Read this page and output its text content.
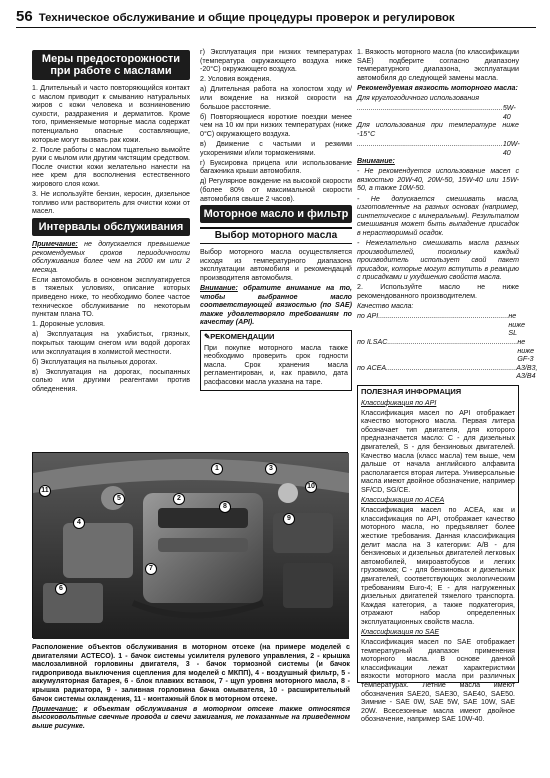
56 Техническое обслуживание и общие процедуры проверок и регулировок
Меры предосторожности при работе с маслами

1. Длительный и часто повторяющийся контакт с маслом приводит к смыванию натуральных жиров с кожи человека и возникновению сухости, раздражения и дерматитов. Кроме того, применяемые моторные масла содержат потенциально опасные составляющие, которые могут вызвать рак кожи.

2. После работы с маслом тщательно вымойте руки с мылом или другим чистящим средством. После очистки кожи желательно нанести на нее крем для восполнения естественного жирового слоя кожи.

3. Не используйте бензин, керосин, дизельное топливо или растворитель для очистки кожи от масел.

Интервалы обслуживания

Примечание: не допускается превышение рекомендуемых сроков периодичности обслуживания более чем на 2000 км или 2 месяца.

Если автомобиль в основном эксплуатируется в тяжелых условиях, описание которых приведено ниже, то необходимо более частое техническое обслуживание по некоторым пунктам плана ТО.

1. Дорожные условия.

а) Эксплуатация на ухабистых, грязных, покрытых тающим снегом или водой дорогах или эксплуатация в холмистой местности.

б) Эксплуатация на пыльных дорогах.

в) Эксплуатация на дорогах, посыпанных солью или другими реагентами против обледенения.

г) Эксплуатация при низких температурах (температура окружающего воздуха ниже -20°С) окружающего воздуха.

2. Условия вождения.

а) Длительная работа на холостом ходу и/или вождение на низкой скорости на большое расстояние.

б) Повторяющиеся короткие поездки менее чем на 10 км при низких температурах (ниже 0°С) окружающего воздуха.

в) Движение с частыми и резкими ускорениями и/или торможениями.

г) Буксировка прицепа или использование багажника крыши автомобиля.

д) Регулярное вождение на высокой скорости (более 80% от максимальной скорости автомобиля свыше 2 часов).

Моторное масло и фильтр
Выбор моторного масла

Выбор моторного масла осуществляется исходя из температурного диапазона эксплуатации автомобиля и рекомендаций производителя автомобиля.

Внимание: обратите внимание на то, чтобы выбранное масло соответствующей вязкостью (по SAE) также удовлетворяло требованиям по качеству (API).

✎РЕКОМЕНДАЦИИ

При покупке моторного масла также необходимо проверить срок годности масла. Срок хранения масла регламентирован, и, как правило, дата расфасовки масла указана на таре.

1. Вязкость моторного масла (по классификации SAE) подберите согласно диапазону температурного диапазона, эксплуатации автомобиля до следующей замены масла.

Рекомендуемая вязкость моторного масла:

Для круглогодичного использования

.......................................................................... 5W-40

Для использования при температуре ниже -15°С

.......................................................................... 10W-40

Внимание:

- Не рекомендуется использование масел с вязкостью 20W-40, 20W-50, 15W-40 или 15W-50, а также 10W-50.

- Не допускается смешивать масла, изготовленные на разных основах (например, синтетическое с минеральным). Результатом смешивания может быть выпадение присадок в нерастворимый осадок.

- Нежелательно смешивать масла разных производителей, поскольку каждый производитель использует свой пакет присадок, которые могут вступить в реакцию с присадками и ухудшению свойств масла.

2. Используйте масло не ниже рекомендованного производителем.

Качество масла:

по API.................................................................. не ниже SL
по ILSAC.................................................................. не ниже GF-3
по ACEA.................................................................. A3/B3, A3/B4
ПОЛЕЗНАЯ ИНФОРМАЦИЯ

Классификация по API

Классификация масел по API отображает качество моторного масла. Первая литера обозначает тип двигателя, для которого предназначается масло: С - для дизельных двигателей, S - для бензиновых двигателей. Качество масла (класс масла) тем выше, чем дальше от начала английского алфавита располагается вторая литера. Универсальные масла имеют двойное обозначение, например SF/CD, SG/CE.

Классификация по ACEA

Классификация масел по ACEA, как и классификация по API, отображает качество моторного масла, но предъявляет более жесткие требования. Данная классификация делит масла на 3 категории: А/В - для бензиновых и дизельных двигателей легковых автомобилей, микроавтобусов и легких грузовиков; С - для бензиновых и дизельных двигателей, соответствующих экологическим требованиям Euro-4; Е - для нагруженных дизельных двигателей тяжелого транспорта. Каждая категория, а также подкатегория, отражают набор определенных эксплуатационных свойств масла.

Классификация по SAE

Классификация масел по SAE отображает температурный диапазон применения моторного масла. В основе данной классификации лежат характеристики вязкости моторного масла при различных температурах. Летние масла имеют обозначения SAE20, SAE30, SAE40, SAE50. Зимние - SAE 0W, SAE 5W, SAE 10W, SAE 20W. Всесезонные масла имеют двойное обозначение, например SAE 10W-40.

1
2
3
4
5
6
7
8
9
10
11

Расположение объектов обслуживания в моторном отсеке (на примере моделей с двигателями ACTECO). 1 - бачок системы усилителя рулевого управления, 2 - крышка маслозаливной горловины двигателя, 3 - бачок тормозной системы (и бачок гидропривода выключения сцепления для моделей с МКПП), 4 - воздушный фильтр, 5 - аккумуляторная батарея, 6 - блок плавких вставок, 7 - щуп уровня моторного масла, 8 - крышка радиатора, 9 - заливная горловина бачка омывателя, 10 - расширительный бачок системы охлаждения, 11 - монтажный блок в моторном отсеке.

Примечание: к объектам обслуживания в моторном отсеке также относятся высоковольтные свечные провода и свечи зажигания, не показанные на приведенном выше рисунке.
